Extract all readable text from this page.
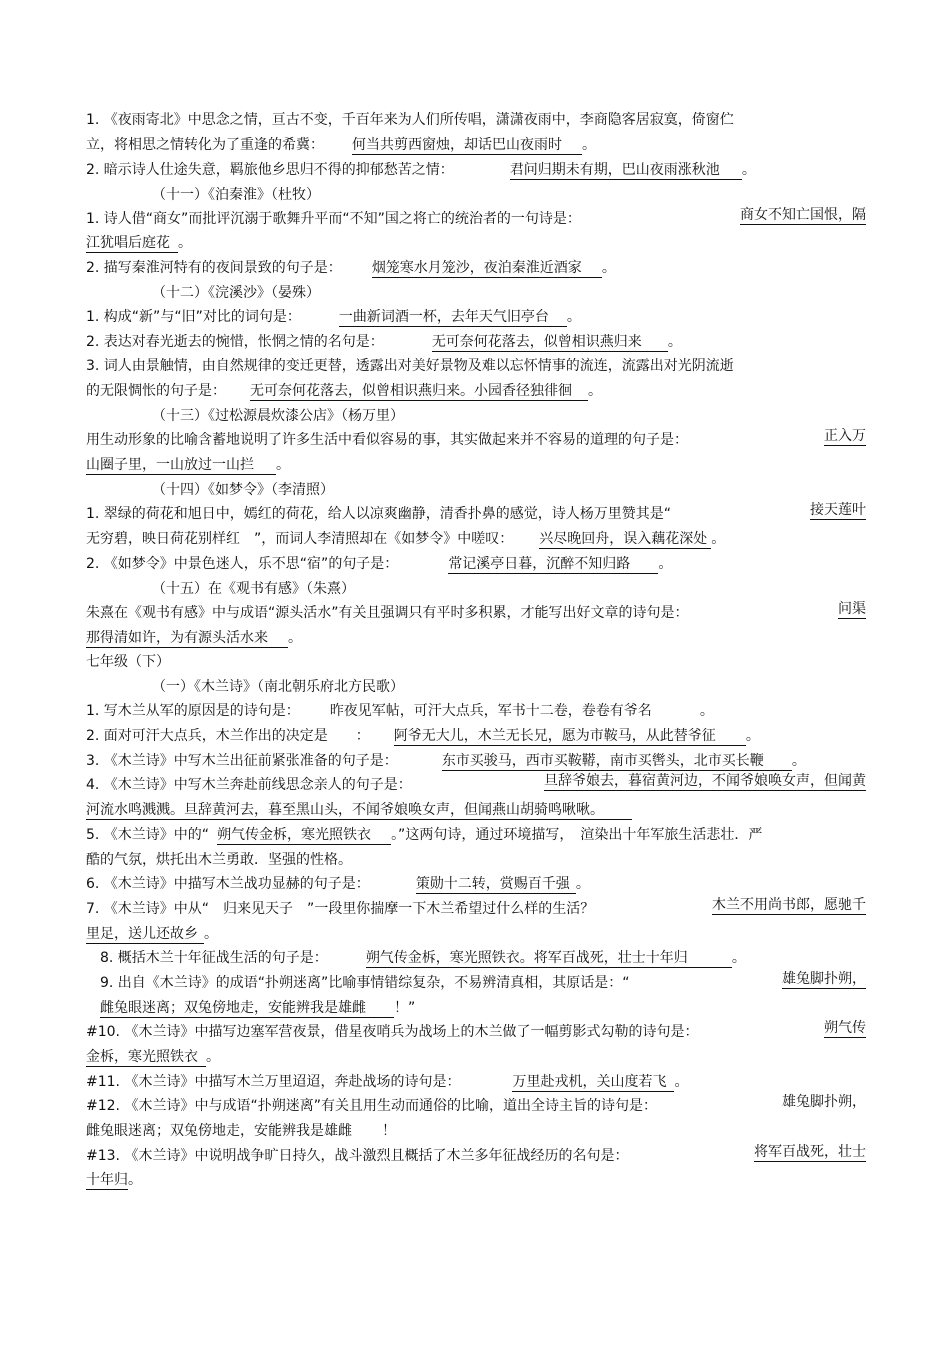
1. 《夜雨寄北》中思念之情，亘古不变，千百年来为人们所传唱，潇潇夜雨中，李商隐客居寂寞，倚窗伫
立，将相思之情转化为了重逢的希冀： 何当共剪西窗烛，却话巴山夜雨时 。
2. 暗示诗人仕途失意，羁旅他乡思归不得的抑郁愁苦之情：	君问归期未有期，巴山夜雨涨秋池 。
（十一）《泊秦淮》（杜牧）
1. 诗人借“商女”而批评沉溺于歌舞升平而“不知”国之将亡的统治者的一句诗是：	商女不知亡国恨，隔
江犹唱后庭花。
2. 描写秦淮河特有的夜间景致的句子是： 烟笼寒水月笼沙，夜泊秦淮近酒家 。
（十二）《浣溪沙》（晏殊）
1. 构成“新”与“旧”对比的词句是：	一曲新词酒一杯，去年天气旧亭台 。
2. 表达对春光逝去的惋惜，怅惘之情的名句是：	无可奈何花落去，似曾相识燕归来 。
3. 词人由景触情，由自然规律的变迁更替，透露出对美好景物及难以忘怀情事的流连，流露出对光阴流逝
的无限惆怅的句子是： 无可奈何花落去，似曾相识燕归来。小园香径独徘徊 。
（十三）《过松源晨炊漆公店》（杨万里）
用生动形象的比喻含蓄地说明了许多生活中看似容易的事，其实做起来并不容易的道理的句子是：	正入万
山圈子里，一山放过一山拦 。
（十四）《如梦令》（李清照）
1. 翠绿的荷花和旭日中，嫣红的荷花，给人以凉爽幽静，清香扑鼻的感觉，诗人杨万里赞其是“	接天莲叶
无穷碧，映日荷花别样红　”，而词人李清照却在《如梦令》中嗟叹： 兴尽晚回舟，误入藕花深处 。
2. 《如梦令》中景色迷人，乐不思“宿”的句子是：	常记溪亭日暮，沉醉不知归路 。
（十五）在《观书有感》（朱熹）
朱熹在《观书有感》中与成语“源头活水”有关且强调只有平时多积累，才能写出好文章的诗句是：	问渠
那得清如许，为有源头活水来 。
七年级（下）
（一）《木兰诗》（南北朝乐府北方民歌）
1. 写木兰从军的原因是的诗句是： 昨夜见军帖，可汗大点兵，军书十二卷，卷卷有爷名	。
2. 面对可汗大点兵，木兰作出的决定是　　： 阿爷无大儿，木兰无长兄，愿为市鞍马，从此替爷征 。
3. 《木兰诗》中写木兰出征前紧张准备的句子是：	东市买骏马，西市买鞍鞯，南市买辔头，北市买长鞭 。
4. 《木兰诗》中写木兰奔赴前线思念亲人的句子是：	旦辞爷娘去，暮宿黄河边，不闻爷娘唤女声，但闻黄
河流水鸣溅溅。旦辞黄河去，暮至黑山头，不闻爷娘唤女声，但闻燕山胡骑鸣啾啾。
5. 《木兰诗》中的“ 朔气传金柝，寒光照铁衣 。”这两句诗，通过环境描写，　渲染出十年军旅生活悲壮．严
酷的气氛，烘托出木兰勇敢．坚强的性格。
6. 《木兰诗》中描写木兰战功显赫的句子是：	策勋十二转，赏赐百千强 。
7. 《木兰诗》中从“　归来见天子　”一段里你揣摩一下木兰希望过什么样的生活？	木兰不用尚书郎，愿驰千
里足，送儿还故乡。
8. 概括木兰十年征战生活的句子是：	朔气传金柝，寒光照铁衣。将军百战死，壮士十年归	。
9. 出自《木兰诗》的成语“扑朔迷离”比喻事情错综复杂，不易辨清真相，其原话是：“	雄兔脚扑朔，
雌兔眼迷离；双兔傍地走，安能辨我是雄雌 ！”
#10. 《木兰诗》中描写边塞军营夜景，借星夜哨兵为战场上的木兰做了一幅剪影式勾勒的诗句是：	朔气传
金柝，寒光照铁衣。
#11. 《木兰诗》中描写木兰万里迢迢，奔赴战场的诗句是：	万里赴戎机，关山度若飞 。
#12. 《木兰诗》中与成语“扑朔迷离”有关且用生动而通俗的比喻，道出全诗主旨的诗句是：	雄兔脚扑朔，
雌兔眼迷离；双兔傍地走，安能辨我是雄雌 ！
#13. 《木兰诗》中说明战争旷日持久，战斗激烈且概括了木兰多年征战经历的名句是：	将军百战死，壮士
十年归。
